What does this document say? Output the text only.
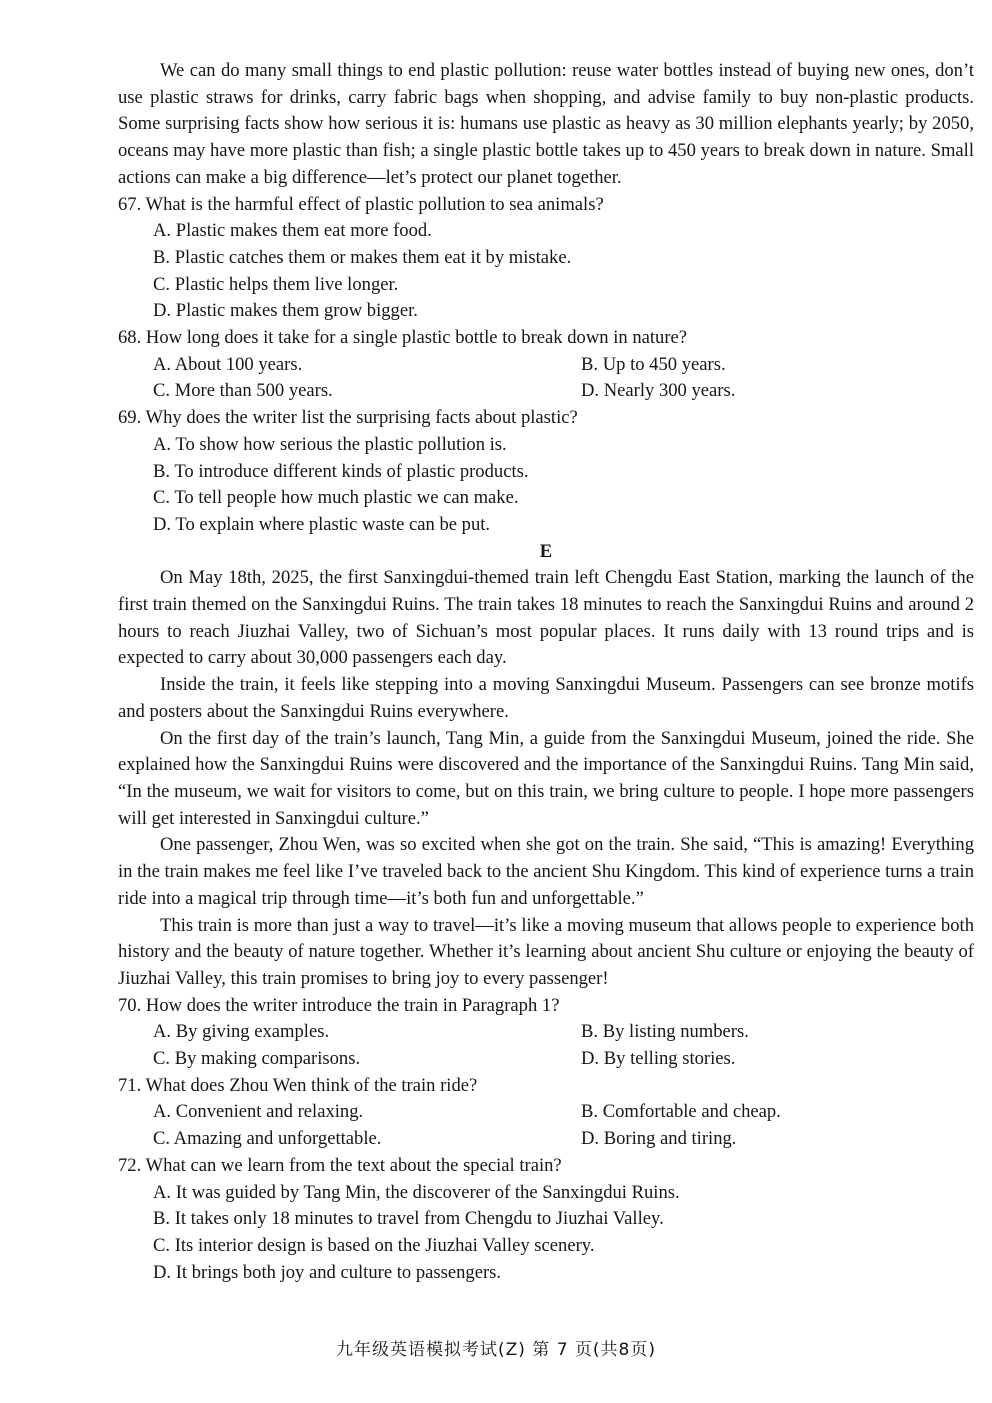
We can do many small things to end plastic pollution: reuse water bottles instead of buying new ones, don’t use plastic straws for drinks, carry fabric bags when shopping, and advise family to buy non-plastic products. Some surprising facts show how serious it is: humans use plastic as heavy as 30 million elephants yearly; by 2050, oceans may have more plastic than fish; a single plastic bottle takes up to 450 years to break down in nature. Small actions can make a big difference—let’s protect our planet together.

67. What is the harmful effect of plastic pollution to sea animals?

A. Plastic makes them eat more food.

B. Plastic catches them or makes them eat it by mistake.

C. Plastic helps them live longer.

D. Plastic makes them grow bigger.

68. How long does it take for a single plastic bottle to break down in nature?

A. About 100 years.	B. Up to 450 years.
C. More than 500 years.	D. Nearly 300 years.

69. Why does the writer list the surprising facts about plastic?

A. To show how serious the plastic pollution is.

B. To introduce different kinds of plastic products.

C. To tell people how much plastic we can make.

D. To explain where plastic waste can be put.

E

On May 18th, 2025, the first Sanxingdui-themed train left Chengdu East Station, marking the launch of the first train themed on the Sanxingdui Ruins. The train takes 18 minutes to reach the Sanxingdui Ruins and around 2 hours to reach Jiuzhai Valley, two of Sichuan’s most popular places. It runs daily with 13 round trips and is expected to carry about 30,000 passengers each day.

Inside the train, it feels like stepping into a moving Sanxingdui Museum. Passengers can see bronze motifs and posters about the Sanxingdui Ruins everywhere.

On the first day of the train’s launch, Tang Min, a guide from the Sanxingdui Museum, joined the ride. She explained how the Sanxingdui Ruins were discovered and the importance of the Sanxingdui Ruins. Tang Min said, “In the museum, we wait for visitors to come, but on this train, we bring culture to people. I hope more passengers will get interested in Sanxingdui culture.”

One passenger, Zhou Wen, was so excited when she got on the train. She said, “This is amazing! Everything in the train makes me feel like I’ve traveled back to the ancient Shu Kingdom. This kind of experience turns a train ride into a magical trip through time—it’s both fun and unforgettable.”

This train is more than just a way to travel—it’s like a moving museum that allows people to experience both history and the beauty of nature together. Whether it’s learning about ancient Shu culture or enjoying the beauty of Jiuzhai Valley, this train promises to bring joy to every passenger!

70. How does the writer introduce the train in Paragraph 1?

A. By giving examples.	B. By listing numbers.
C. By making comparisons.	D. By telling stories.

71. What does Zhou Wen think of the train ride?

A. Convenient and relaxing.	B. Comfortable and cheap.
C. Amazing and unforgettable.	D. Boring and tiring.

72. What can we learn from the text about the special train?

A. It was guided by Tang Min, the discoverer of the Sanxingdui Ruins.

B. It takes only 18 minutes to travel from Chengdu to Jiuzhai Valley.

C. Its interior design is based on the Jiuzhai Valley scenery.

D. It brings both joy and culture to passengers.

九年级英语模拟考试(Z) 第 7 页(共8页)
